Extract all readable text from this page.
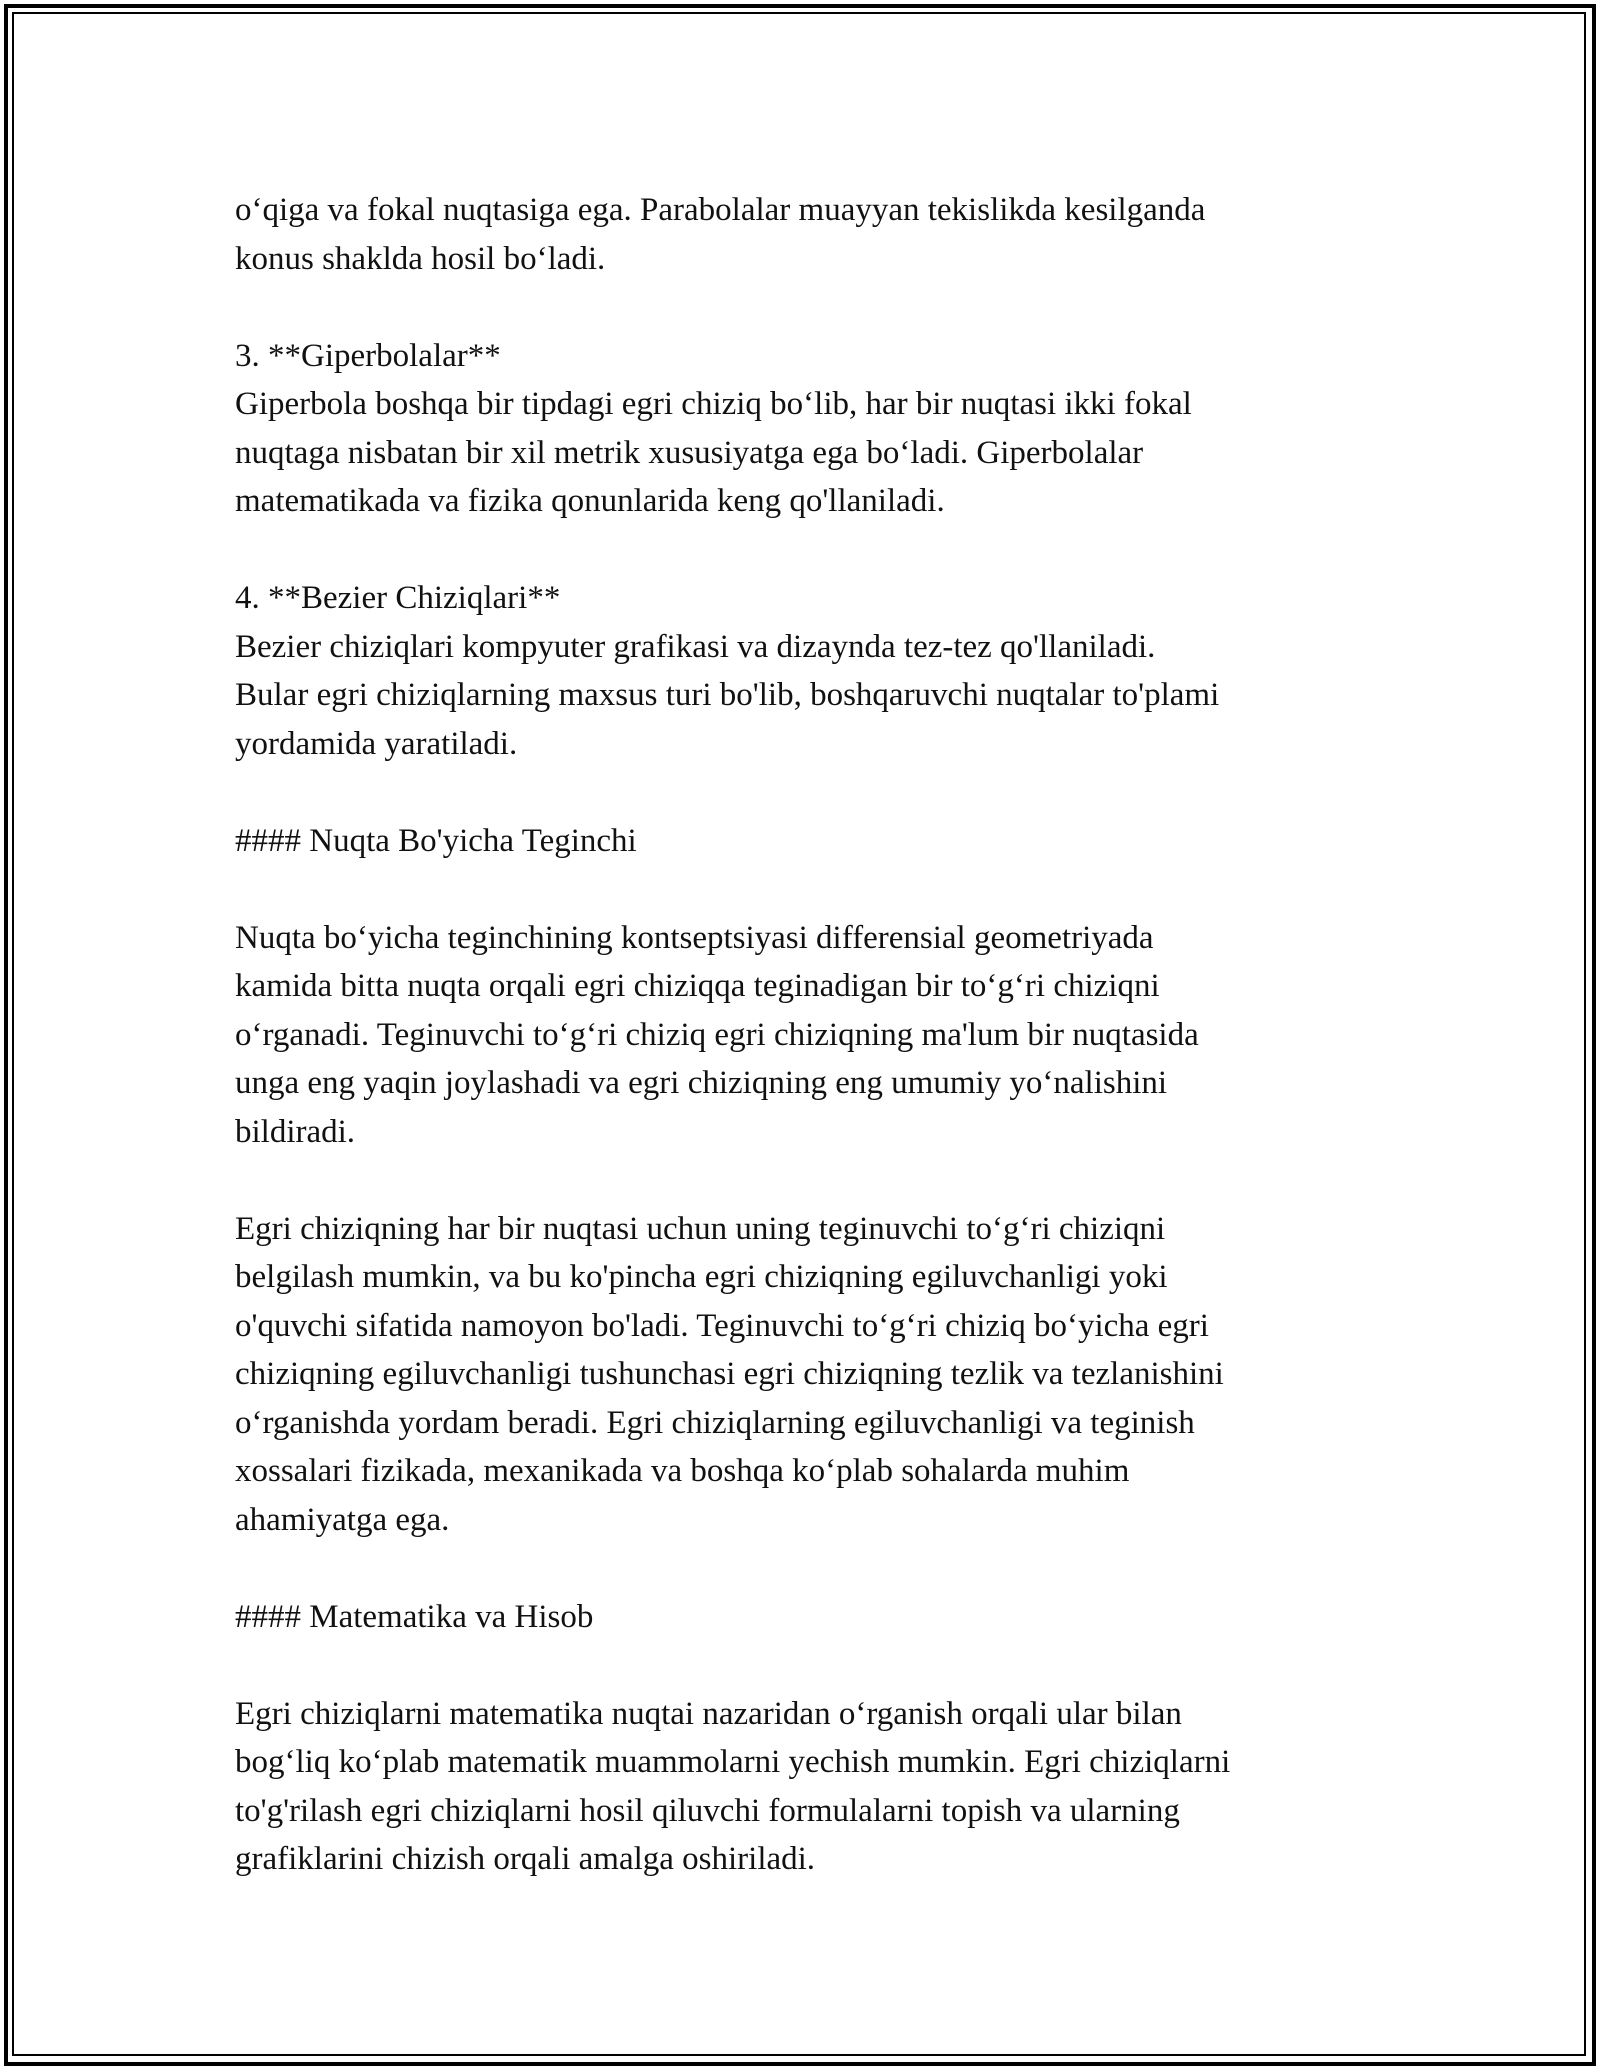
o‘qiga va fokal nuqtasiga ega. Parabolalar muayyan tekislikda kesilganda
konus shaklda hosil bo‘ladi.

3. **Giperbolalar**
Giperbola boshqa bir tipdagi egri chiziq bo‘lib, har bir nuqtasi ikki fokal
nuqtaga nisbatan bir xil metrik xususiyatga ega bo‘ladi. Giperbolalar
matematikada va fizika qonunlarida keng qo'llaniladi.

4. **Bezier Chiziqlari**
Bezier chiziqlari kompyuter grafikasi va dizaynda tez-tez qo'llaniladi.
Bular egri chiziqlarning maxsus turi bo'lib, boshqaruvchi nuqtalar to'plami
yordamida yaratiladi.

#### Nuqta Bo'yicha Teginchi

Nuqta bo‘yicha teginchining kontseptsiyasi differensial geometriyada
kamida bitta nuqta orqali egri chiziqqa teginadigan bir to‘g‘ri chiziqni
o‘rganadi. Teginuvchi to‘g‘ri chiziq egri chiziqning ma'lum bir nuqtasida
unga eng yaqin joylashadi va egri chiziqning eng umumiy yo‘nalishini
bildiradi.

Egri chiziqning har bir nuqtasi uchun uning teginuvchi to‘g‘ri chiziqni
belgilash mumkin, va bu ko'pincha egri chiziqning egiluvchanligi yoki
o'quvchi sifatida namoyon bo'ladi. Teginuvchi to‘g‘ri chiziq bo‘yicha egri
chiziqning egiluvchanligi tushunchasi egri chiziqning tezlik va tezlanishini
o‘rganishda yordam beradi. Egri chiziqlarning egiluvchanligi va teginish
xossalari fizikada, mexanikada va boshqa ko‘plab sohalarda muhim
ahamiyatga ega.

#### Matematika va Hisob

Egri chiziqlarni matematika nuqtai nazaridan o‘rganish orqali ular bilan
bog‘liq ko‘plab matematik muammolarni yechish mumkin. Egri chiziqlarni
to'g'rilash egri chiziqlarni hosil qiluvchi formulalarni topish va ularning
grafiklarini chizish orqali amalga oshiriladi.
